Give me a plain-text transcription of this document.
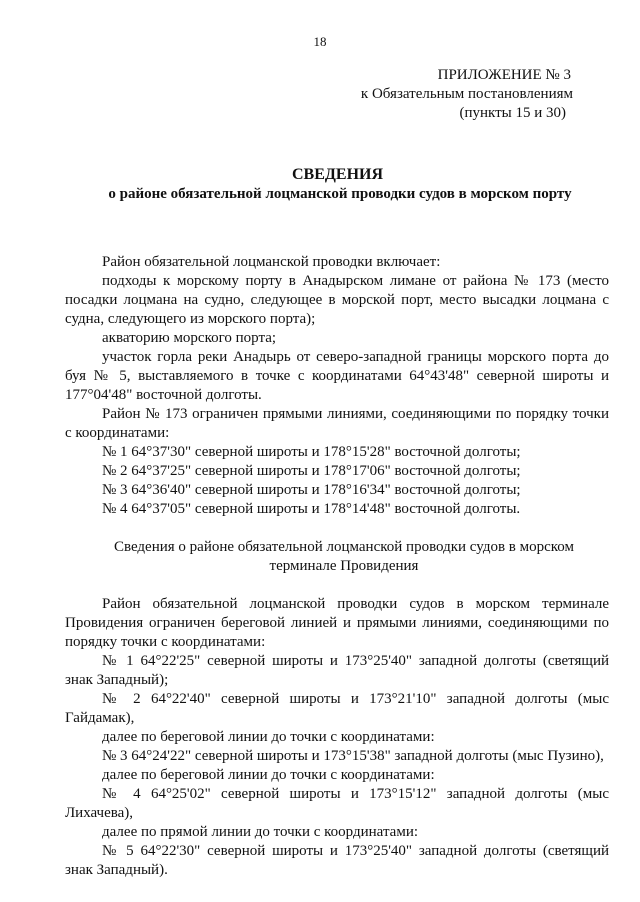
18
ПРИЛОЖЕНИЕ № 3
к Обязательным постановлениям
(пункты 15 и 30)
СВЕДЕНИЯ
о районе обязательной лоцманской проводки судов в морском порту

Район обязательной лоцманской проводки включает:

подходы к морскому порту в Анадырском лимане от района № 173 (место посадки лоцмана на судно, следующее в морской порт, место высадки лоцмана с судна, следующего из морского порта);

акваторию морского порта;

участок горла реки Анадырь от северо-западной границы морского порта до буя № 5, выставляемого в точке с координатами 64°43'48" северной широты и 177°04'48" восточной долготы.

Район № 173 ограничен прямыми линиями, соединяющими по порядку точки с координатами:

№ 1 64°37'30" северной широты и 178°15'28" восточной долготы;

№ 2 64°37'25" северной широты и 178°17'06" восточной долготы;

№ 3 64°36'40" северной широты и 178°16'34" восточной долготы;

№ 4 64°37'05" северной широты и 178°14'48" восточной долготы.

Сведения о районе обязательной лоцманской проводки судов в морском

терминале Провидения

Район обязательной лоцманской проводки судов в морском терминале Провидения ограничен береговой линией и прямыми линиями, соединяющими по порядку точки с координатами:

№ 1 64°22'25" северной широты и 173°25'40" западной долготы (светящий знак Западный);

№ 2 64°22'40" северной широты и 173°21'10" западной долготы (мыс Гайдамак),

далее по береговой линии до точки с координатами:

№ 3 64°24'22" северной широты и 173°15'38" западной долготы (мыс Пузино),

далее по береговой линии до точки с координатами:

№ 4 64°25'02" северной широты и 173°15'12" западной долготы (мыс Лихачева),

далее по прямой линии до точки с координатами:

№ 5 64°22'30" северной широты и 173°25'40" западной долготы (светящий знак Западный).
